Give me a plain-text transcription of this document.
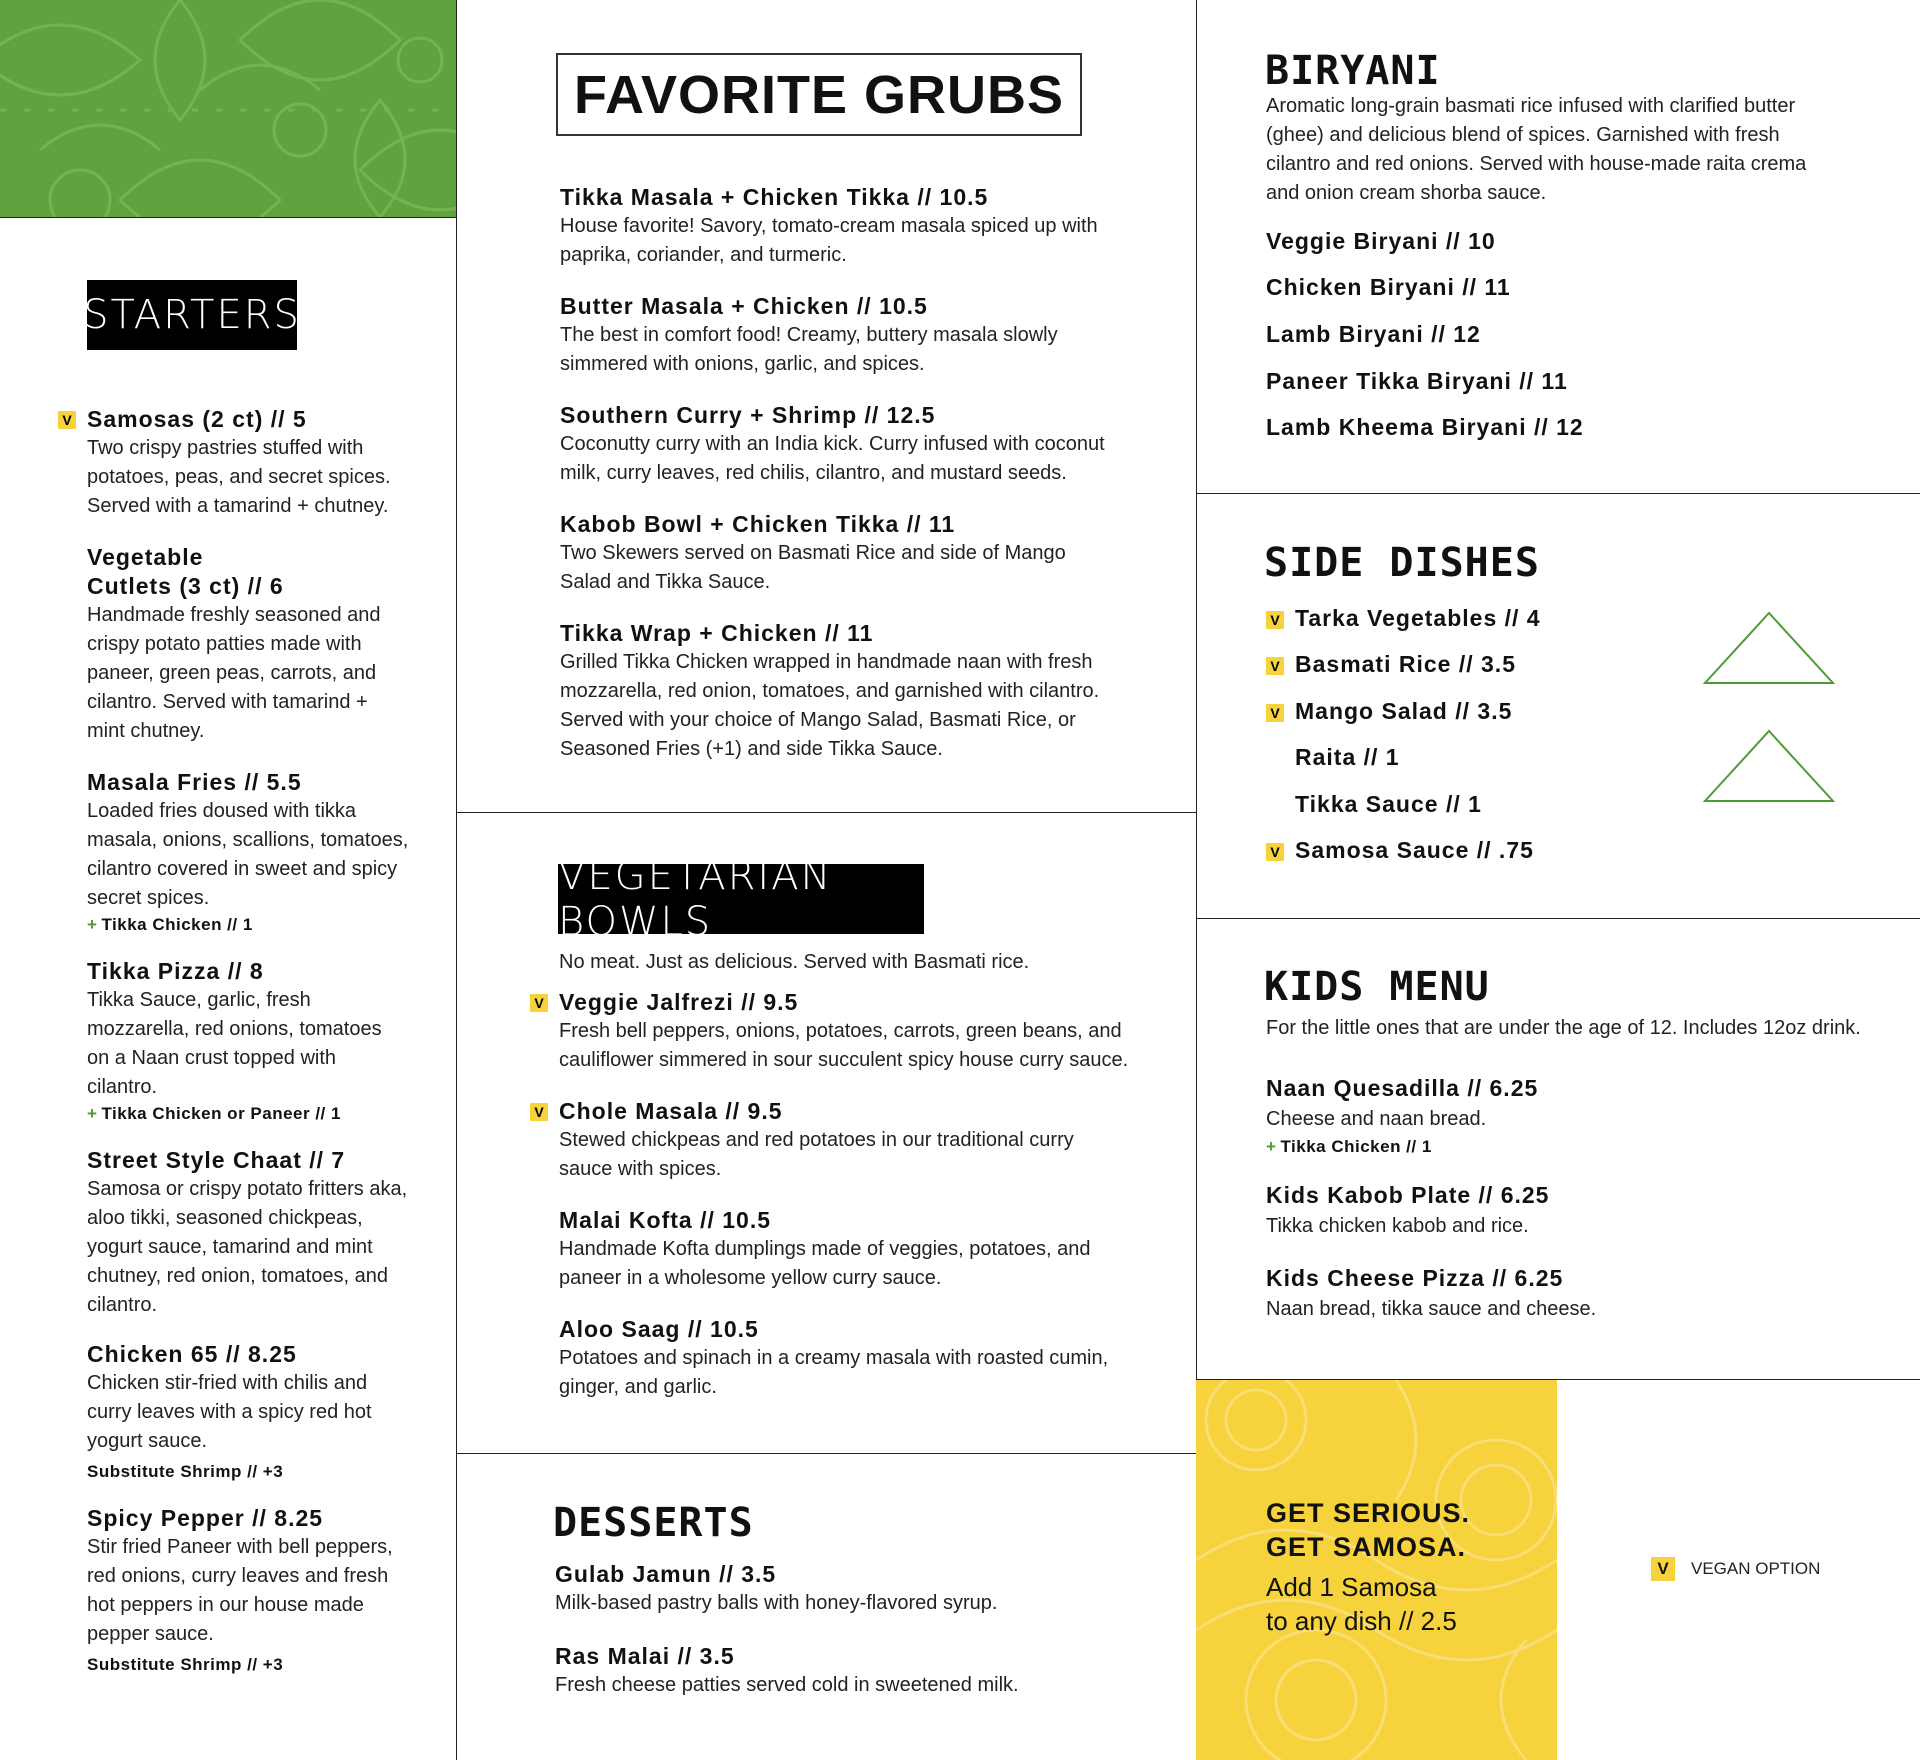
STARTERS
V Samosas (2 ct) // 5
Two crispy pastries stuffed with potatoes, peas, and secret spices. Served with a tamarind + chutney.
Vegetable Cutlets (3 ct) // 6
Handmade freshly seasoned and crispy potato patties made with paneer, green peas, carrots, and cilantro. Served with tamarind + mint chutney.
Masala Fries // 5.5
Loaded fries doused with tikka masala, onions, scallions, tomatoes, cilantro covered in sweet and spicy secret spices.
+ Tikka Chicken // 1
Tikka Pizza // 8
Tikka Sauce, garlic, fresh mozzarella, red onions, tomatoes on a Naan crust topped with cilantro.
+ Tikka Chicken or Paneer // 1
Street Style Chaat // 7
Samosa or crispy potato fritters aka, aloo tikki, seasoned chickpeas, yogurt sauce, tamarind and mint chutney, red onion, tomatoes, and cilantro.
Chicken 65 // 8.25
Chicken stir-fried with chilis and curry leaves with a spicy red hot yogurt sauce.
Substitute Shrimp // +3
Spicy Pepper // 8.25
Stir fried Paneer with bell peppers, red onions, curry leaves and fresh hot peppers in our house made pepper sauce.
Substitute Shrimp // +3
FAVORITE GRUBS
Tikka Masala + Chicken Tikka // 10.5
House favorite! Savory, tomato-cream masala spiced up with paprika, coriander, and turmeric.
Butter Masala + Chicken // 10.5
The best in comfort food! Creamy, buttery masala slowly simmered with onions, garlic, and spices.
Southern Curry + Shrimp // 12.5
Coconutty curry with an India kick. Curry infused with coconut milk, curry leaves, red chilis, cilantro, and mustard seeds.
Kabob Bowl + Chicken Tikka // 11
Two Skewers served on Basmati Rice and side of Mango Salad and Tikka Sauce.
Tikka Wrap + Chicken // 11
Grilled Tikka Chicken wrapped in handmade naan with fresh mozzarella, red onion, tomatoes, and garnished with cilantro. Served with your choice of Mango Salad, Basmati Rice, or Seasoned Fries (+1) and side Tikka Sauce.
VEGETARIAN BOWLS
No meat. Just as delicious. Served with Basmati rice.
V Veggie Jalfrezi // 9.5
Fresh bell peppers, onions, potatoes, carrots, green beans, and cauliflower simmered in sour succulent spicy house curry sauce.
V Chole Masala // 9.5
Stewed chickpeas and red potatoes in our traditional curry sauce with spices.
Malai Kofta // 10.5
Handmade Kofta dumplings made of veggies, potatoes, and paneer in a wholesome yellow curry sauce.
Aloo Saag // 10.5
Potatoes and spinach in a creamy masala with roasted cumin, ginger, and garlic.
DESSERTS
Gulab Jamun // 3.5
Milk-based pastry balls with honey-flavored syrup.
Ras Malai // 3.5
Fresh cheese patties served cold in sweetened milk.
BIRYANI
Aromatic long-grain basmati rice infused with clarified butter (ghee) and delicious blend of spices. Garnished with fresh cilantro and red onions. Served with house-made raita crema and onion cream shorba sauce.
Veggie Biryani // 10
Chicken Biryani // 11
Lamb Biryani // 12
Paneer Tikka Biryani // 11
Lamb Kheema Biryani // 12
SIDE DISHES
V Tarka Vegetables // 4
V Basmati Rice // 3.5
V Mango Salad // 3.5
Raita // 1
Tikka Sauce // 1
V Samosa Sauce // .75
KIDS MENU
For the little ones that are under the age of 12. Includes 12oz drink.
Naan Quesadilla // 6.25
Cheese and naan bread.
+ Tikka Chicken // 1
Kids Kabob Plate // 6.25
Tikka chicken kabob and rice.
Kids Cheese Pizza // 6.25
Naan bread, tikka sauce and cheese.
GET SERIOUS.
GET SAMOSA.
Add 1 Samosa
to any dish // 2.5
V	VEGAN OPTION
